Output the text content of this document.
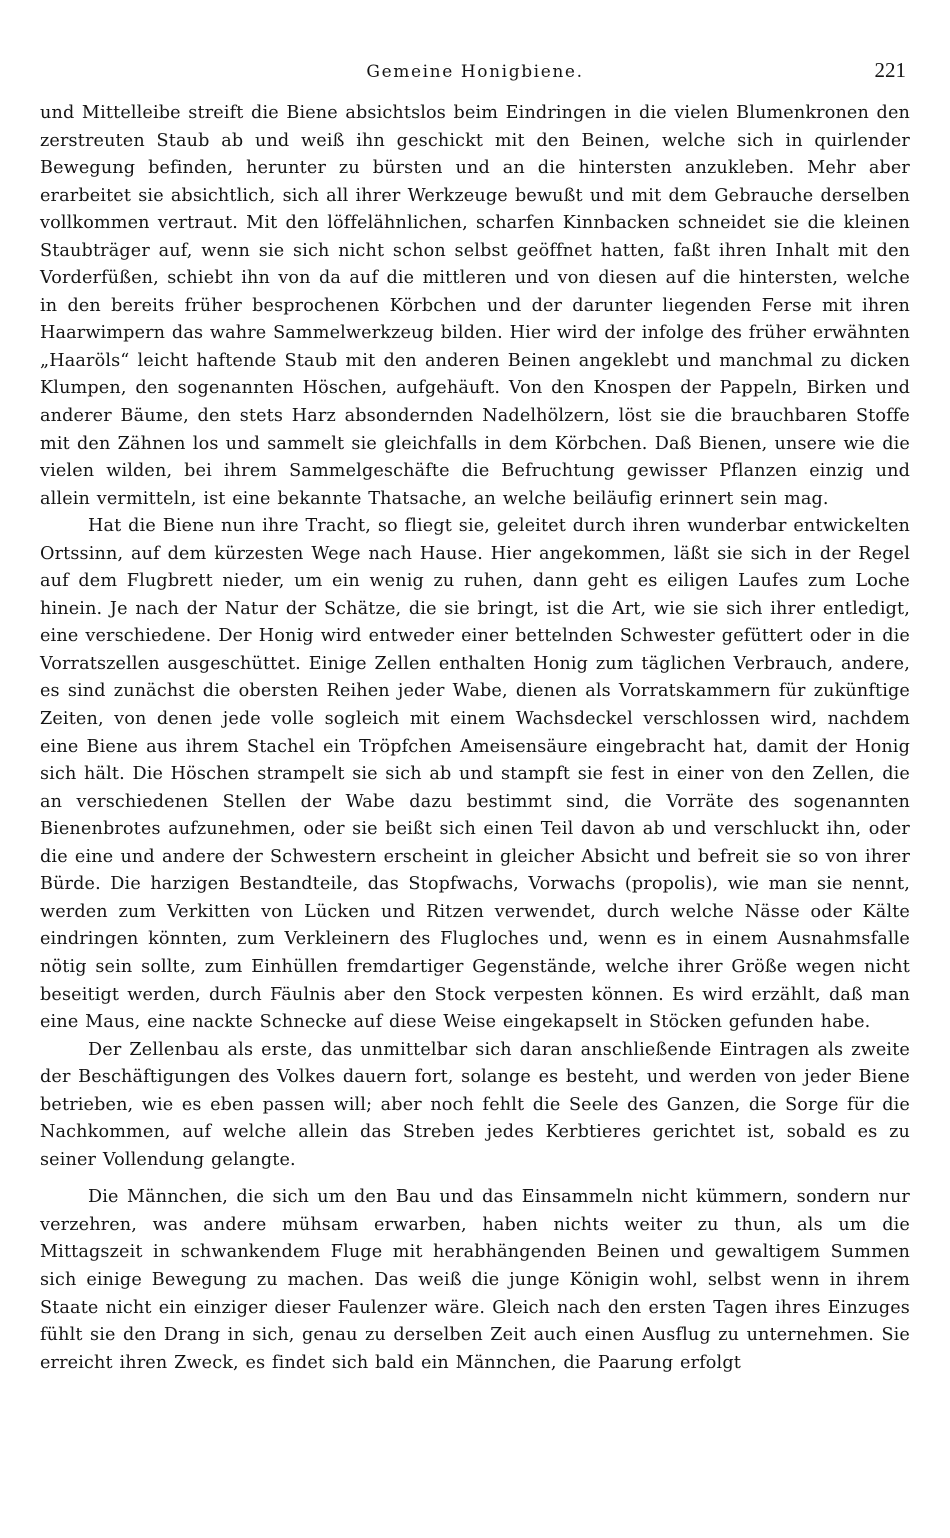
Gemeine Honigbiene.	221

und Mittelleibe streift die Biene absichtslos beim Eindringen in die vielen Blumenkronen den zerstreuten Staub ab und weiß ihn geschickt mit den Beinen, welche sich in quirlender Bewegung befinden, herunter zu bürsten und an die hintersten anzukleben. Mehr aber erarbeitet sie absichtlich, sich all ihrer Werkzeuge bewußt und mit dem Gebrauche derselben vollkommen vertraut. Mit den löffelähnlichen, scharfen Kinnbacken schneidet sie die kleinen Staubträger auf, wenn sie sich nicht schon selbst geöffnet hatten, faßt ihren Inhalt mit den Vorderfüßen, schiebt ihn von da auf die mittleren und von diesen auf die hintersten, welche in den bereits früher besprochenen Körbchen und der darunter liegenden Ferse mit ihren Haarwimpern das wahre Sammelwerkzeug bilden. Hier wird der infolge des früher erwähnten „Haaröls“ leicht haftende Staub mit den anderen Beinen angeklebt und manchmal zu dicken Klumpen, den sogenannten Höschen, aufgehäuft. Von den Knospen der Pappeln, Birken und anderer Bäume, den stets Harz absondernden Nadelhölzern, löst sie die brauchbaren Stoffe mit den Zähnen los und sammelt sie gleichfalls in dem Körbchen. Daß Bienen, unsere wie die vielen wilden, bei ihrem Sammelgeschäfte die Befruchtung gewisser Pflanzen einzig und allein vermitteln, ist eine bekannte Thatsache, an welche beiläufig erinnert sein mag.

Hat die Biene nun ihre Tracht, so fliegt sie, geleitet durch ihren wunderbar entwickelten Ortssinn, auf dem kürzesten Wege nach Hause. Hier angekommen, läßt sie sich in der Regel auf dem Flugbrett nieder, um ein wenig zu ruhen, dann geht es eiligen Laufes zum Loche hinein. Je nach der Natur der Schätze, die sie bringt, ist die Art, wie sie sich ihrer entledigt, eine verschiedene. Der Honig wird entweder einer bettelnden Schwester gefüttert oder in die Vorratszellen ausgeschüttet. Einige Zellen enthalten Honig zum täglichen Verbrauch, andere, es sind zunächst die obersten Reihen jeder Wabe, dienen als Vorratskammern für zukünftige Zeiten, von denen jede volle sogleich mit einem Wachsdeckel verschlossen wird, nachdem eine Biene aus ihrem Stachel ein Tröpfchen Ameisensäure eingebracht hat, damit der Honig sich hält. Die Höschen strampelt sie sich ab und stampft sie fest in einer von den Zellen, die an verschiedenen Stellen der Wabe dazu bestimmt sind, die Vorräte des sogenannten Bienenbrotes aufzunehmen, oder sie beißt sich einen Teil davon ab und verschluckt ihn, oder die eine und andere der Schwestern erscheint in gleicher Absicht und befreit sie so von ihrer Bürde. Die harzigen Bestandteile, das Stopfwachs, Vorwachs (propolis), wie man sie nennt, werden zum Verkitten von Lücken und Ritzen verwendet, durch welche Nässe oder Kälte eindringen könnten, zum Verkleinern des Flugloches und, wenn es in einem Ausnahmsfalle nötig sein sollte, zum Einhüllen fremdartiger Gegenstände, welche ihrer Größe wegen nicht beseitigt werden, durch Fäulnis aber den Stock verpesten können. Es wird erzählt, daß man eine Maus, eine nackte Schnecke auf diese Weise eingekapselt in Stöcken gefunden habe.

Der Zellenbau als erste, das unmittelbar sich daran anschließende Eintragen als zweite der Beschäftigungen des Volkes dauern fort, solange es besteht, und werden von jeder Biene betrieben, wie es eben passen will; aber noch fehlt die Seele des Ganzen, die Sorge für die Nachkommen, auf welche allein das Streben jedes Kerbtieres gerichtet ist, sobald es zu seiner Vollendung gelangte.

Die Männchen, die sich um den Bau und das Einsammeln nicht kümmern, sondern nur verzehren, was andere mühsam erwarben, haben nichts weiter zu thun, als um die Mittagszeit in schwankendem Fluge mit herabhängenden Beinen und gewaltigem Summen sich einige Bewegung zu machen. Das weiß die junge Königin wohl, selbst wenn in ihrem Staate nicht ein einziger dieser Faulenzer wäre. Gleich nach den ersten Tagen ihres Einzuges fühlt sie den Drang in sich, genau zu derselben Zeit auch einen Ausflug zu unternehmen. Sie erreicht ihren Zweck, es findet sich bald ein Männchen, die Paarung erfolgt
